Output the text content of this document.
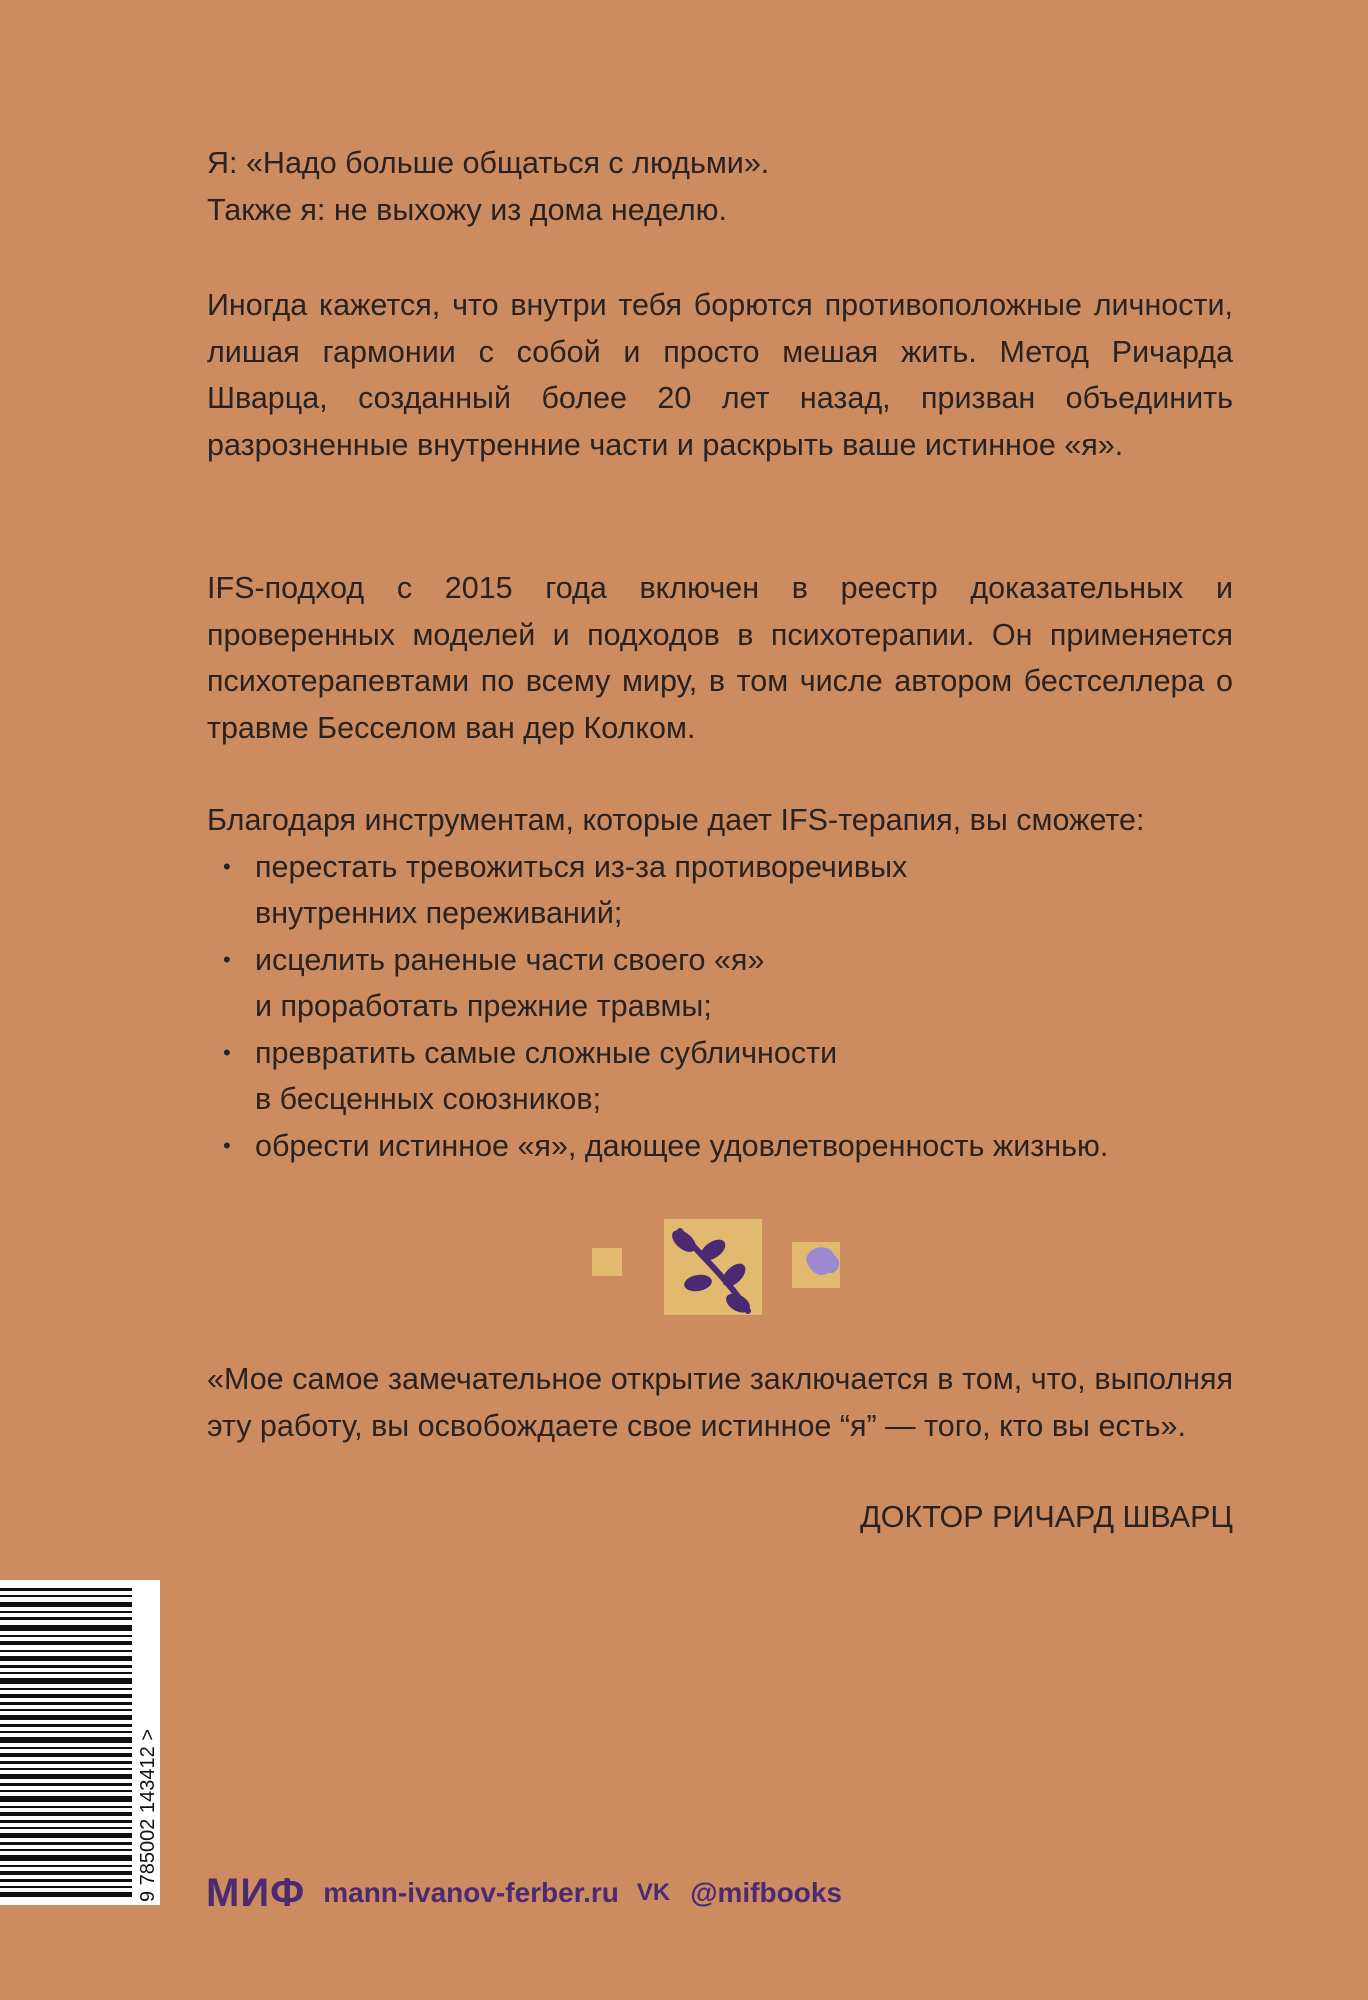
Я: «Надо больше общаться с людьми».

Также я: не выхожу из дома неделю.

Иногда кажется, что внутри тебя борются противоположные личности, лишая гармонии с собой и просто мешая жить. Метод Ричарда Шварца, созданный более 20 лет назад, призван объединить разрозненные внутренние части и раскрыть ваше истинное «я».

IFS-подход с 2015 года включен в реестр доказательных и проверенных моделей и подходов в психотерапии. Он применяется психотерапевтами по всему миру, в том числе автором бестселлера о травме Бесселом ван дер Колком.

Благодаря инструментам, которые дает IFS-терапия, вы сможете:

• перестать тревожиться из-за противоречивых
внутренних переживаний;
• исцелить раненые части своего «я»
и проработать прежние травмы;
• превратить самые сложные субличности
в бесценных союзников;
• обрести истинное «я», дающее удовлетворенность жизнью.

«Мое самое замечательное открытие заключается в том, что, выполняя эту работу, вы освобождаете свое истинное “я” — того, кто вы есть».

ДОКТОР РИЧАРД ШВАРЦ
9 785002 143412 > МИФ mann-ivanov-ferber.ru VK @mifbooks
